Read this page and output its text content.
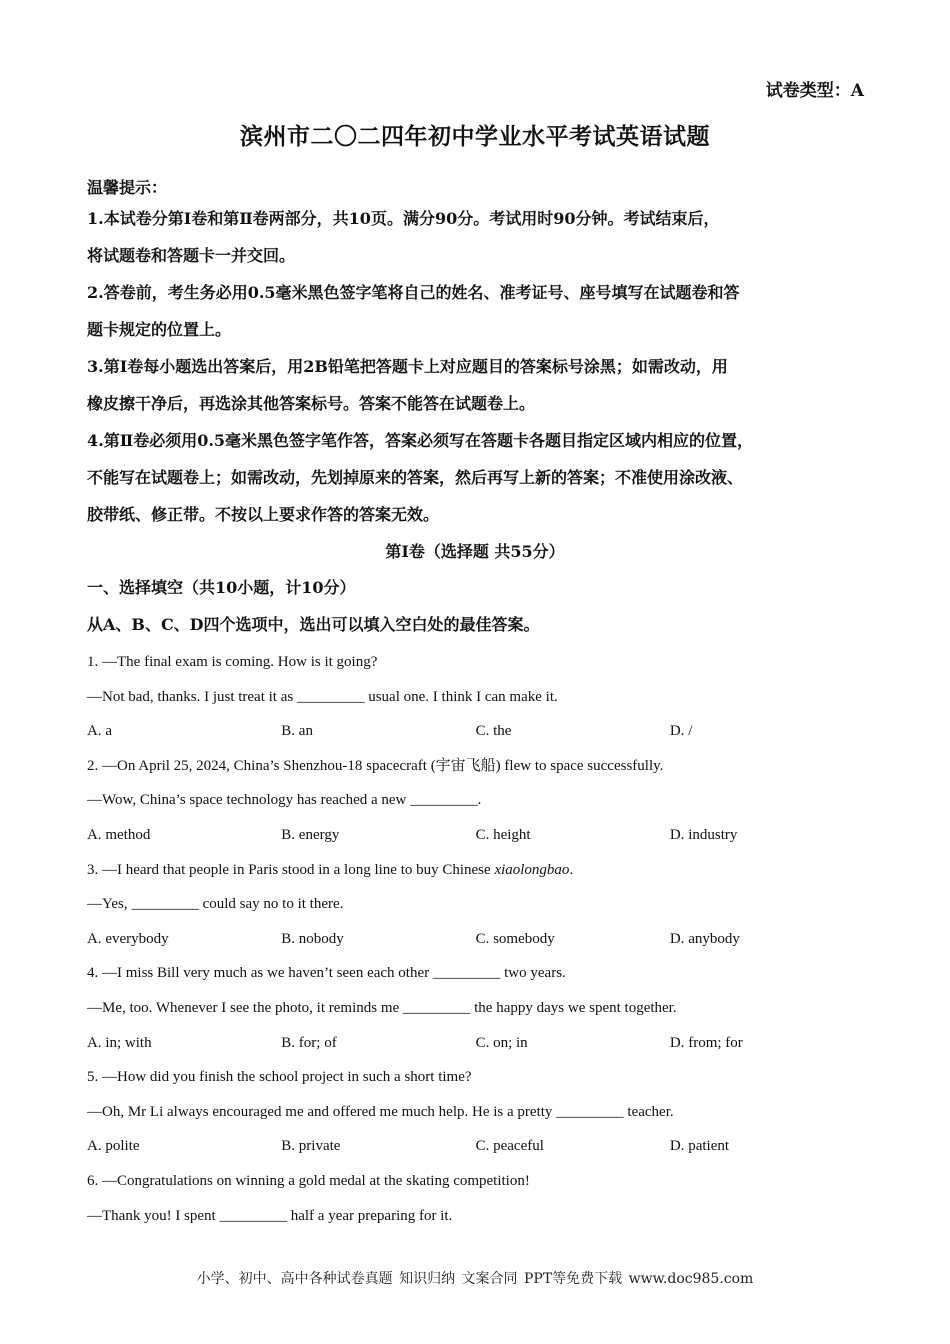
试卷类型：A
滨州市二〇二四年初中学业水平考试英语试题
温馨提示：
1.本试卷分第Ⅰ卷和第Ⅱ卷两部分，共10页。满分90分。考试用时90分钟。考试结束后，
将试题卷和答题卡一并交回。
2.答卷前，考生务必用0.5毫米黑色签字笔将自己的姓名、准考证号、座号填写在试题卷和答
题卡规定的位置上。
3.第Ⅰ卷每小题选出答案后，用2B铅笔把答题卡上对应题目的答案标号涂黑；如需改动，用
橡皮擦干净后，再选涂其他答案标号。答案不能答在试题卷上。
4.第Ⅱ卷必须用0.5毫米黑色签字笔作答，答案必须写在答题卡各题目指定区域内相应的位置，
不能写在试题卷上；如需改动，先划掉原来的答案，然后再写上新的答案；不准使用涂改液、
胶带纸、修正带。不按以上要求作答的答案无效。
第Ⅰ卷（选择题 共55分）
一、选择填空（共10小题，计10分）
从A、B、C、D四个选项中，选出可以填入空白处的最佳答案。
1. —The final exam is coming. How is it going?
—Not bad, thanks. I just treat it as _________ usual one. I think I can make it.
A. a	B. an	C. the	D. /
2. —On April 25, 2024, China’s Shenzhou-18 spacecraft (宇宙飞船) flew to space successfully.
—Wow, China’s space technology has reached a new _________.
A. method	B. energy	C. height	D. industry
3. —I heard that people in Paris stood in a long line to buy Chinese xiaolongbao.
—Yes, _________ could say no to it there.
A. everybody	B. nobody	C. somebody	D. anybody
4. —I miss Bill very much as we haven’t seen each other _________ two years.
—Me, too. Whenever I see the photo, it reminds me _________ the happy days we spent together.
A. in; with	B. for; of	C. on; in	D. from; for
5. —How did you finish the school project in such a short time?
—Oh, Mr Li always encouraged me and offered me much help. He is a pretty _________ teacher.
A. polite	B. private	C. peaceful	D. patient
6. —Congratulations on winning a gold medal at the skating competition!
—Thank you! I spent _________ half a year preparing for it.
小学、初中、高中各种试卷真题 知识归纳 文案合同 PPT等免费下载 www.doc985.com
